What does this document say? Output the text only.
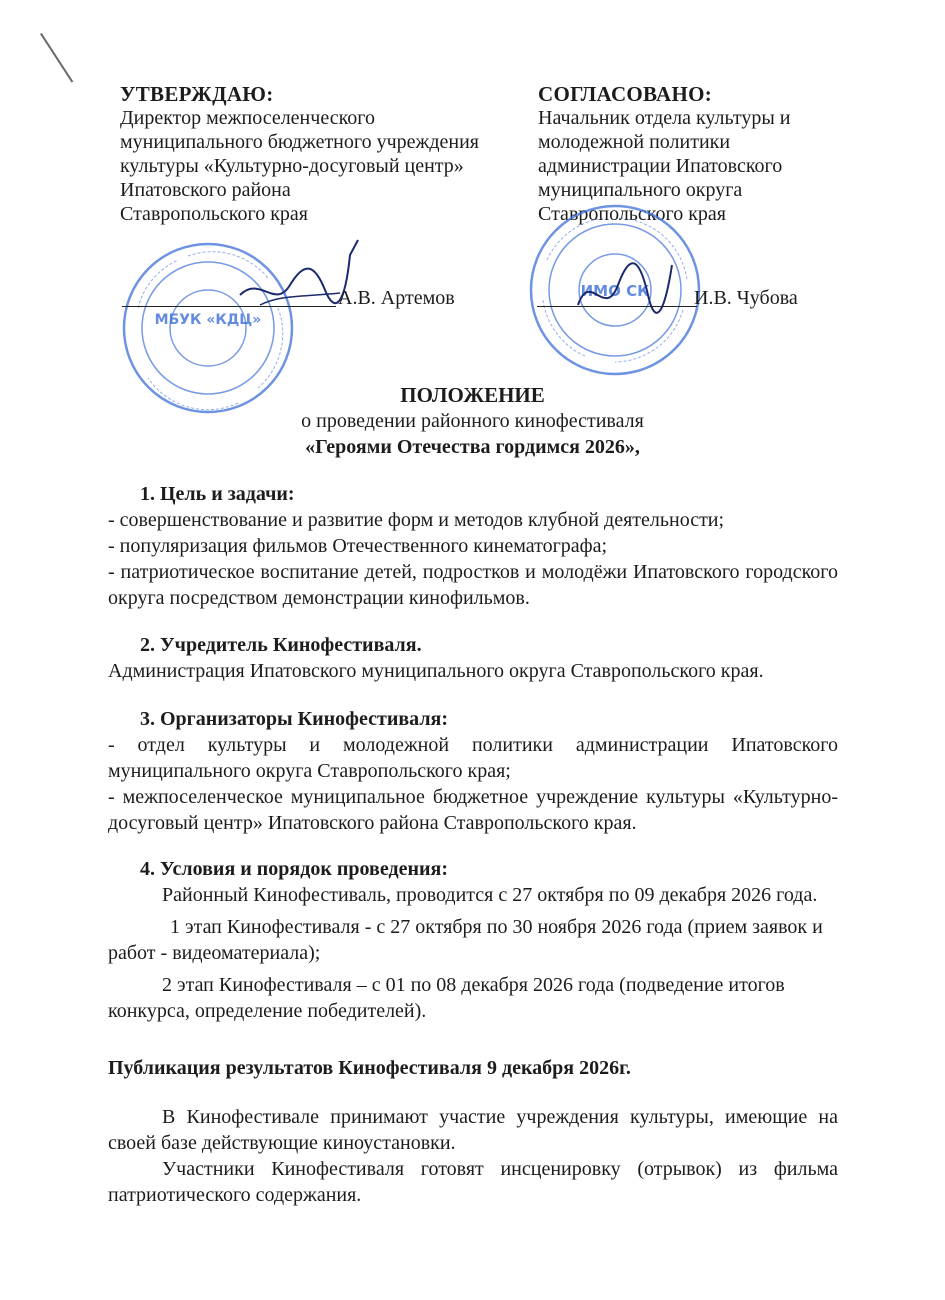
УТВЕРЖДАЮ:
Директор межпоселенческого
муниципального бюджетного учреждения
культуры «Культурно-досуговый центр»
Ипатовского района
Ставропольского края
СОГЛАСОВАНО:
Начальник отдела культуры и
молодежной политики
администрации Ипатовского
муниципального округа
Ставропольского края
МБУК «КДЦ»
ИМО СК
А.В. Артемов	И.В. Чубова
ПОЛОЖЕНИЕ
о проведении районного кинофестиваля
«Героями Отечества гордимся 2026»,
1. Цель и задачи:
- совершенствование и развитие форм и методов клубной деятельности;
- популяризация фильмов Отечественного кинематографа;
- патриотическое воспитание детей, подростков и молодёжи Ипатовского городского округа посредством демонстрации кинофильмов.
2. Учредитель Кинофестиваля.
Администрация Ипатовского муниципального округа Ставропольского края.
3. Организаторы Кинофестиваля:
- отдел культуры и молодежной политики администрации Ипатовского муниципального округа Ставропольского края;
- межпоселенческое муниципальное бюджетное учреждение культуры «Культурно-досуговый центр» Ипатовского района Ставропольского края.
4. Условия и порядок проведения:
Районный Кинофестиваль, проводится с 27 октября по 09 декабря 2026 года.
1 этап Кинофестиваля - с 27 октября по 30 ноября 2026 года (прием заявок и работ - видеоматериала);
2 этап Кинофестиваля – с 01 по 08 декабря 2026 года (подведение итогов конкурса, определение победителей).
Публикация результатов Кинофестиваля 9 декабря 2026г.
В Кинофестивале принимают участие учреждения культуры, имеющие на своей базе действующие киноустановки.
Участники Кинофестиваля готовят инсценировку (отрывок) из фильма патриотического содержания.
